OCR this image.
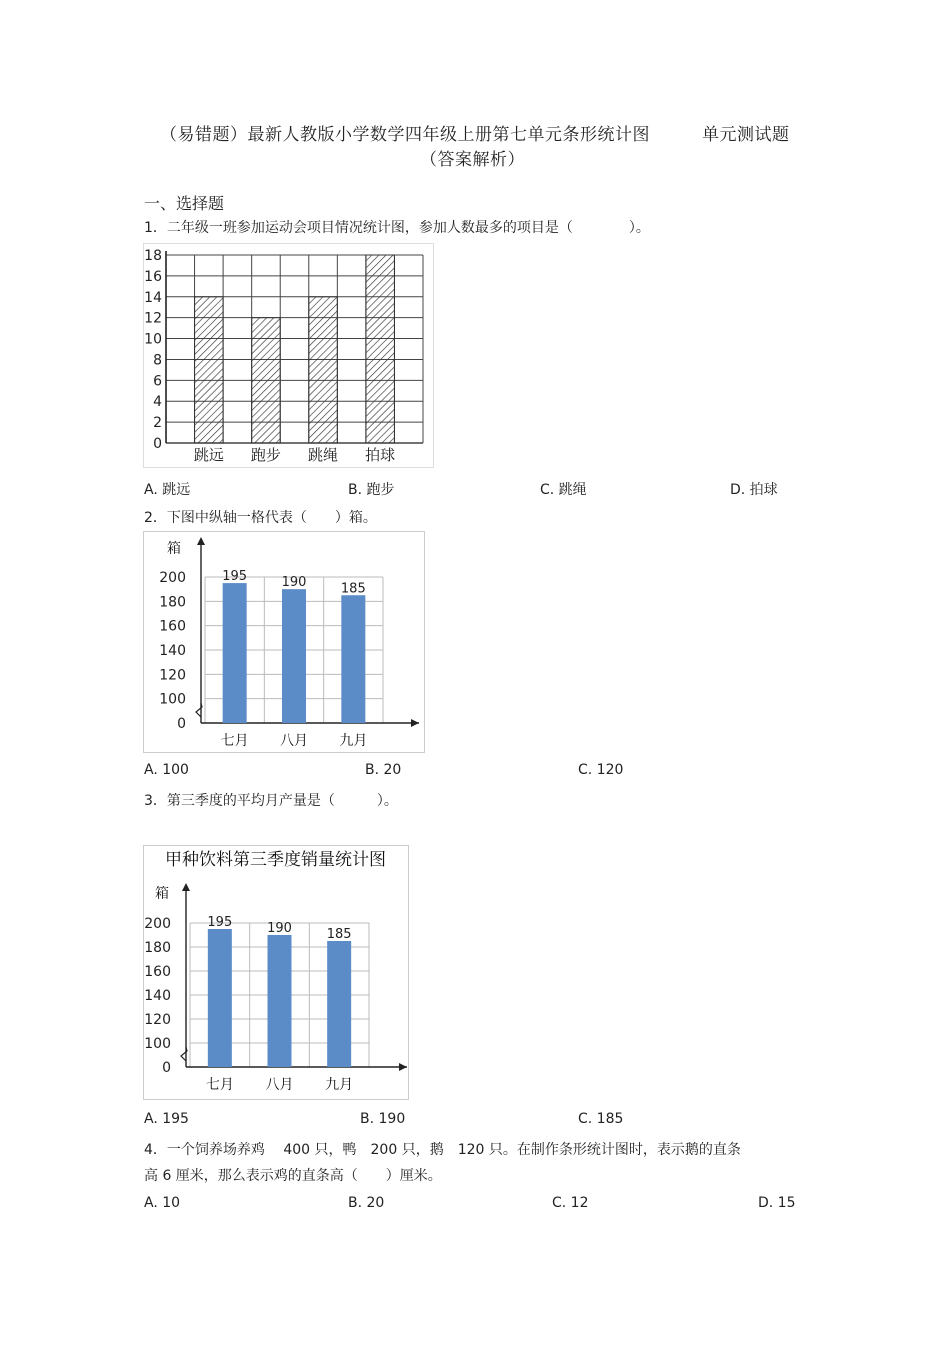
（易错题）最新人教版小学数学四年级上册第七单元条形统计图	单元测试题
（答案解析）
一、选择题
1．二年级一班参加运动会项目情况统计图，参加人数最多的项目是（　　　　）。
0
2
4
6
8
10
12
14
16
18
跳远 跑步 跳绳 拍球
A. 跳远	B. 跑步	C. 跳绳	D. 拍球
2．下图中纵轴一格代表（　　）箱。
箱
0
100
120
140
160
180
200	195
七月
190
八月
185
九月
A. 100	B. 20	C. 120
3．第三季度的平均月产量是（　　　）。
甲种饮料第三季度销量统计图
箱
0
100
120
140
160
180
200	195
七月
190
八月
185
九月
A. 195	B. 190	C. 185
4．一个饲养场养鸡　 400 只，鸭　200 只，鹅　120 只。在制作条形统计图时，表示鹅的直条
高 6 厘米，那么表示鸡的直条高（　　）厘米。
A. 10	B. 20	C. 12	D. 15
